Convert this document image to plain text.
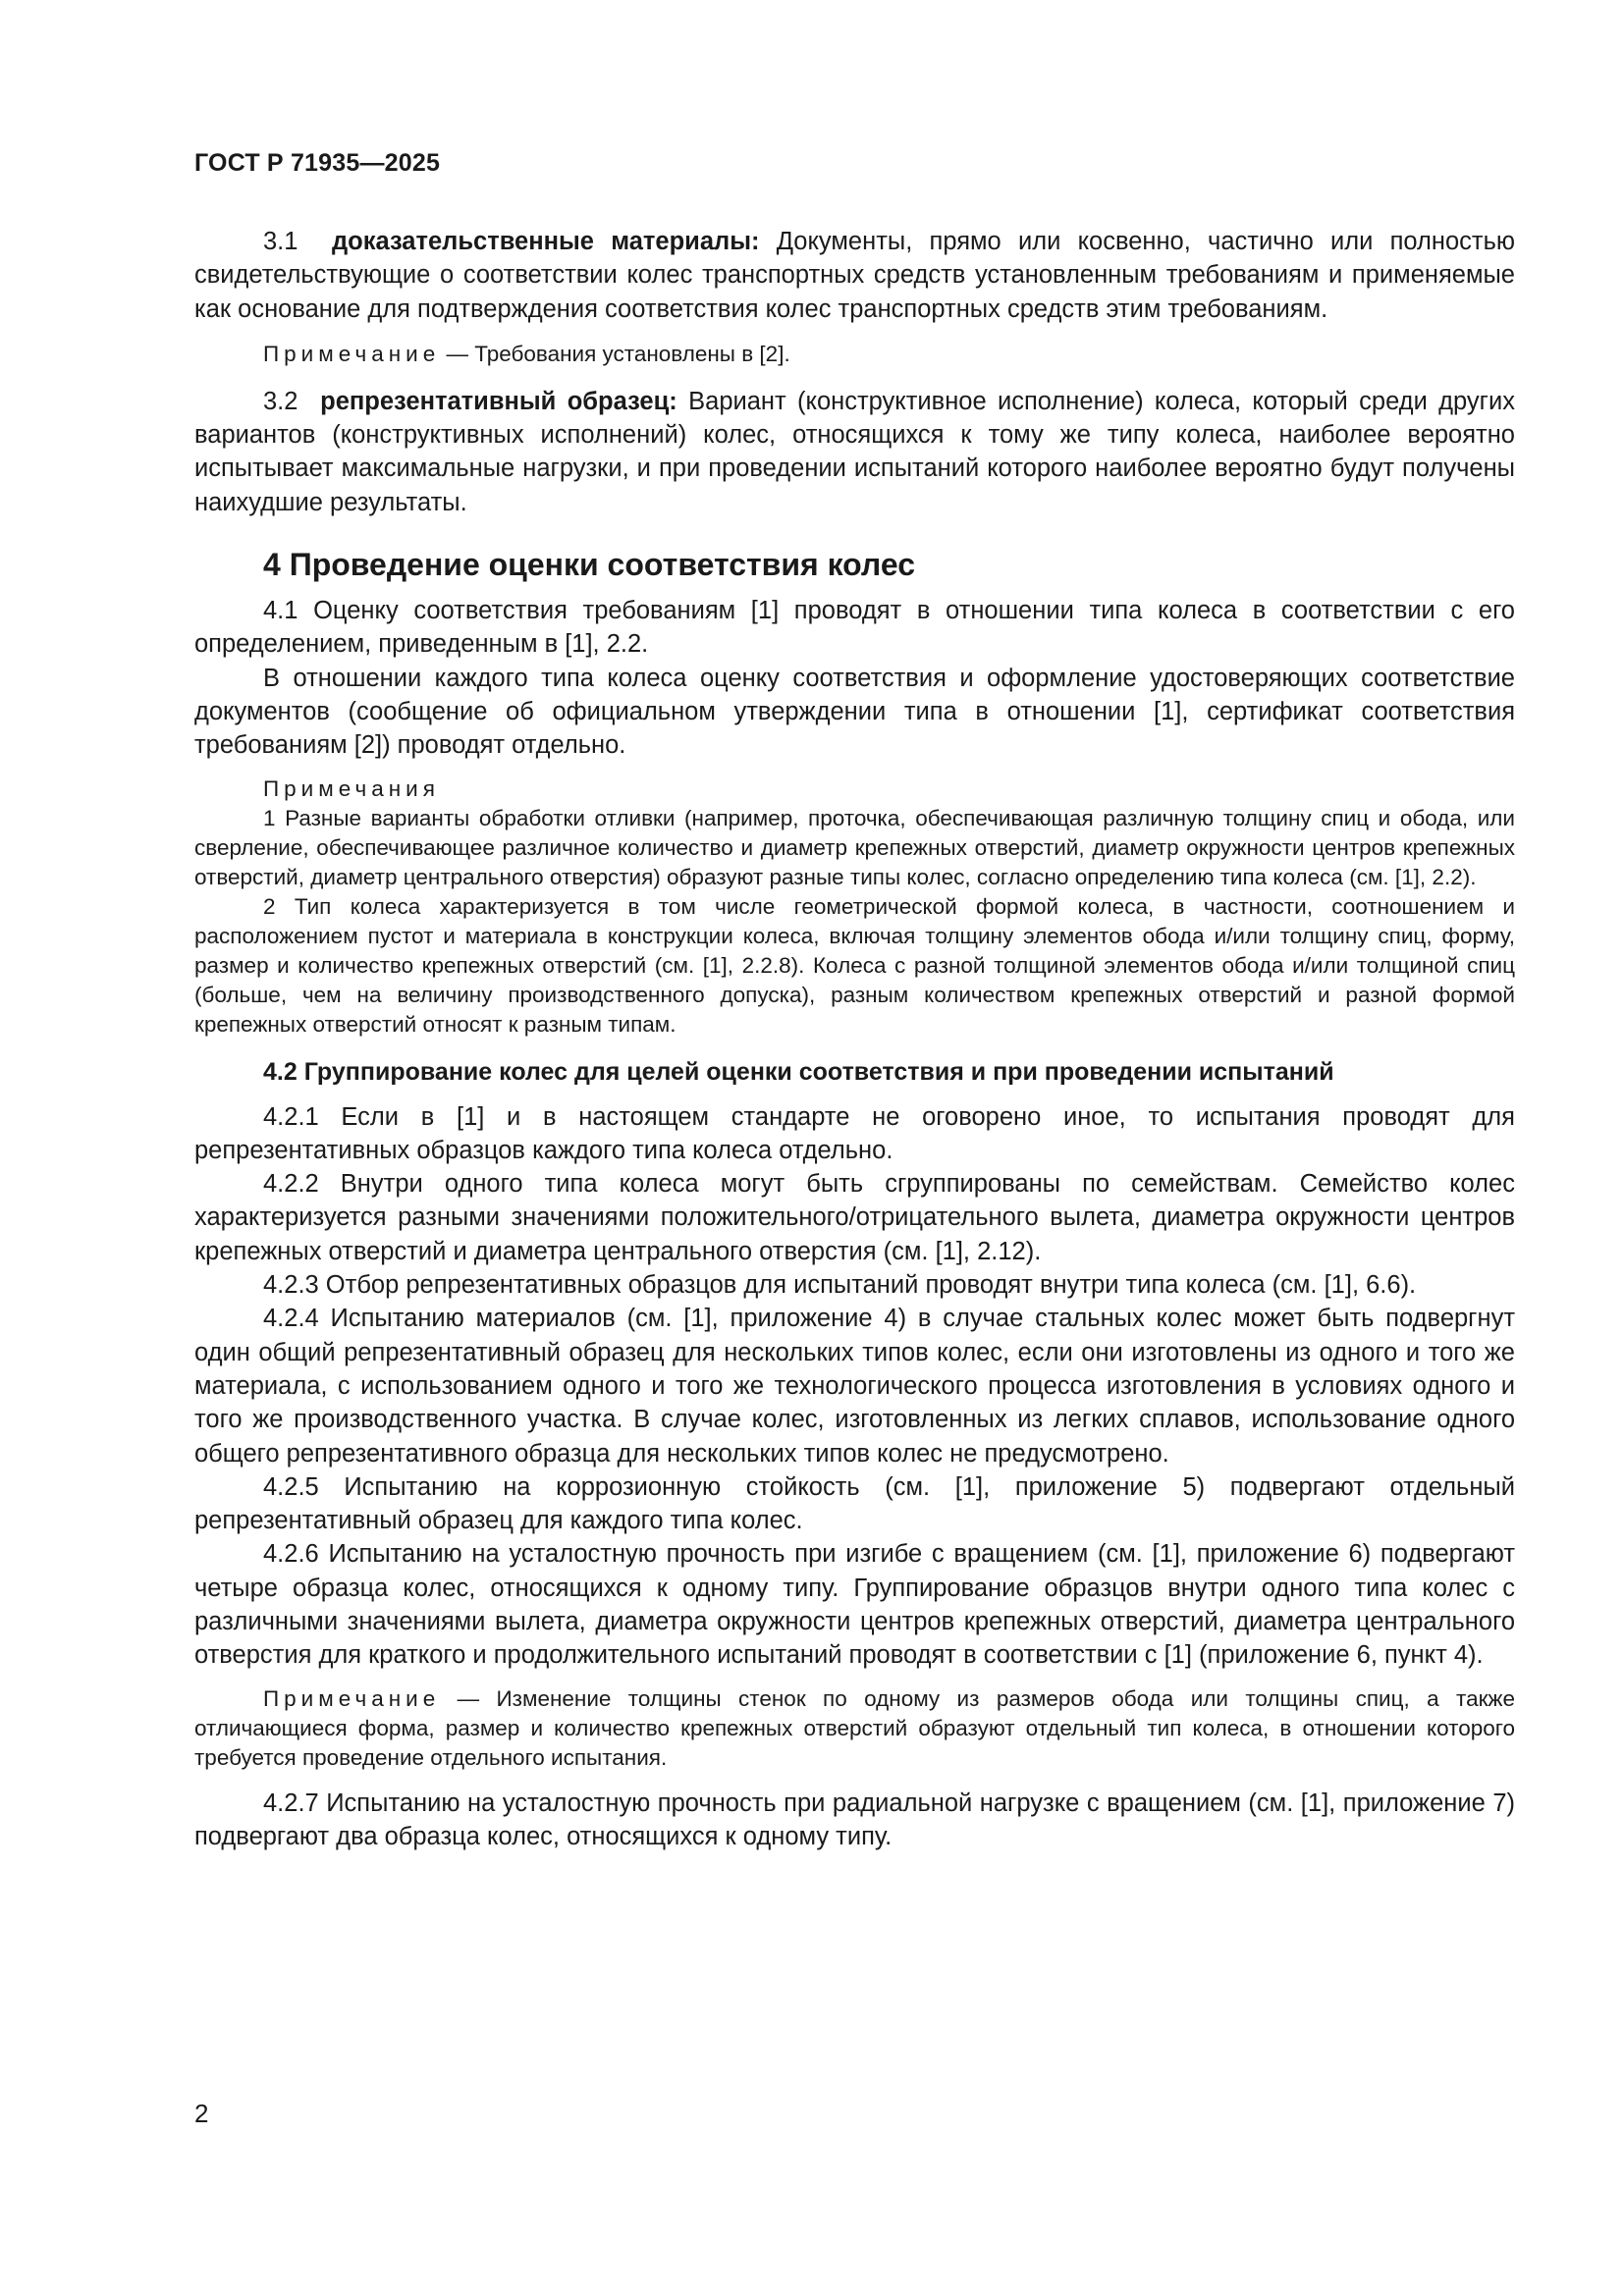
ГОСТ Р 71935—2025

3.1 доказательственные материалы: Документы, прямо или косвенно, частично или полностью свидетельствующие о соответствии колес транспортных средств установленным требованиям и применяемые как основание для подтверждения соответствия колес транспортных средств этим требованиям.

Примечание — Требования установлены в [2].

3.2 репрезентативный образец: Вариант (конструктивное исполнение) колеса, который среди других вариантов (конструктивных исполнений) колес, относящихся к тому же типу колеса, наиболее вероятно испытывает максимальные нагрузки, и при проведении испытаний которого наиболее вероятно будут получены наихудшие результаты.

4 Проведение оценки соответствия колес

4.1 Оценку соответствия требованиям [1] проводят в отношении типа колеса в соответствии с его определением, приведенным в [1], 2.2.

В отношении каждого типа колеса оценку соответствия и оформление удостоверяющих соответствие документов (сообщение об официальном утверждении типа в отношении [1], сертификат соответствия требованиям [2]) проводят отдельно.

Примечания

1 Разные варианты обработки отливки (например, проточка, обеспечивающая различную толщину спиц и обода, или сверление, обеспечивающее различное количество и диаметр крепежных отверстий, диаметр окружности центров крепежных отверстий, диаметр центрального отверстия) образуют разные типы колес, согласно определению типа колеса (см. [1], 2.2).

2 Тип колеса характеризуется в том числе геометрической формой колеса, в частности, соотношением и расположением пустот и материала в конструкции колеса, включая толщину элементов обода и/или толщину спиц, форму, размер и количество крепежных отверстий (см. [1], 2.2.8). Колеса с разной толщиной элементов обода и/или толщиной спиц (больше, чем на величину производственного допуска), разным количеством крепежных отверстий и разной формой крепежных отверстий относят к разным типам.

4.2 Группирование колес для целей оценки соответствия и при проведении испытаний

4.2.1 Если в [1] и в настоящем стандарте не оговорено иное, то испытания проводят для репрезентативных образцов каждого типа колеса отдельно.

4.2.2 Внутри одного типа колеса могут быть сгруппированы по семействам. Семейство колес характеризуется разными значениями положительного/отрицательного вылета, диаметра окружности центров крепежных отверстий и диаметра центрального отверстия (см. [1], 2.12).

4.2.3 Отбор репрезентативных образцов для испытаний проводят внутри типа колеса (см. [1], 6.6).

4.2.4 Испытанию материалов (см. [1], приложение 4) в случае стальных колес может быть подвергнут один общий репрезентативный образец для нескольких типов колес, если они изготовлены из одного и того же материала, с использованием одного и того же технологического процесса изготовления в условиях одного и того же производственного участка. В случае колес, изготовленных из легких сплавов, использование одного общего репрезентативного образца для нескольких типов колес не предусмотрено.

4.2.5 Испытанию на коррозионную стойкость (см. [1], приложение 5) подвергают отдельный репрезентативный образец для каждого типа колес.

4.2.6 Испытанию на усталостную прочность при изгибе с вращением (см. [1], приложение 6) подвергают четыре образца колес, относящихся к одному типу. Группирование образцов внутри одного типа колес с различными значениями вылета, диаметра окружности центров крепежных отверстий, диаметра центрального отверстия для краткого и продолжительного испытаний проводят в соответствии с [1] (приложение 6, пункт 4).

Примечание — Изменение толщины стенок по одному из размеров обода или толщины спиц, а также отличающиеся форма, размер и количество крепежных отверстий образуют отдельный тип колеса, в отношении которого требуется проведение отдельного испытания.

4.2.7 Испытанию на усталостную прочность при радиальной нагрузке с вращением (см. [1], приложение 7) подвергают два образца колес, относящихся к одному типу.

2
